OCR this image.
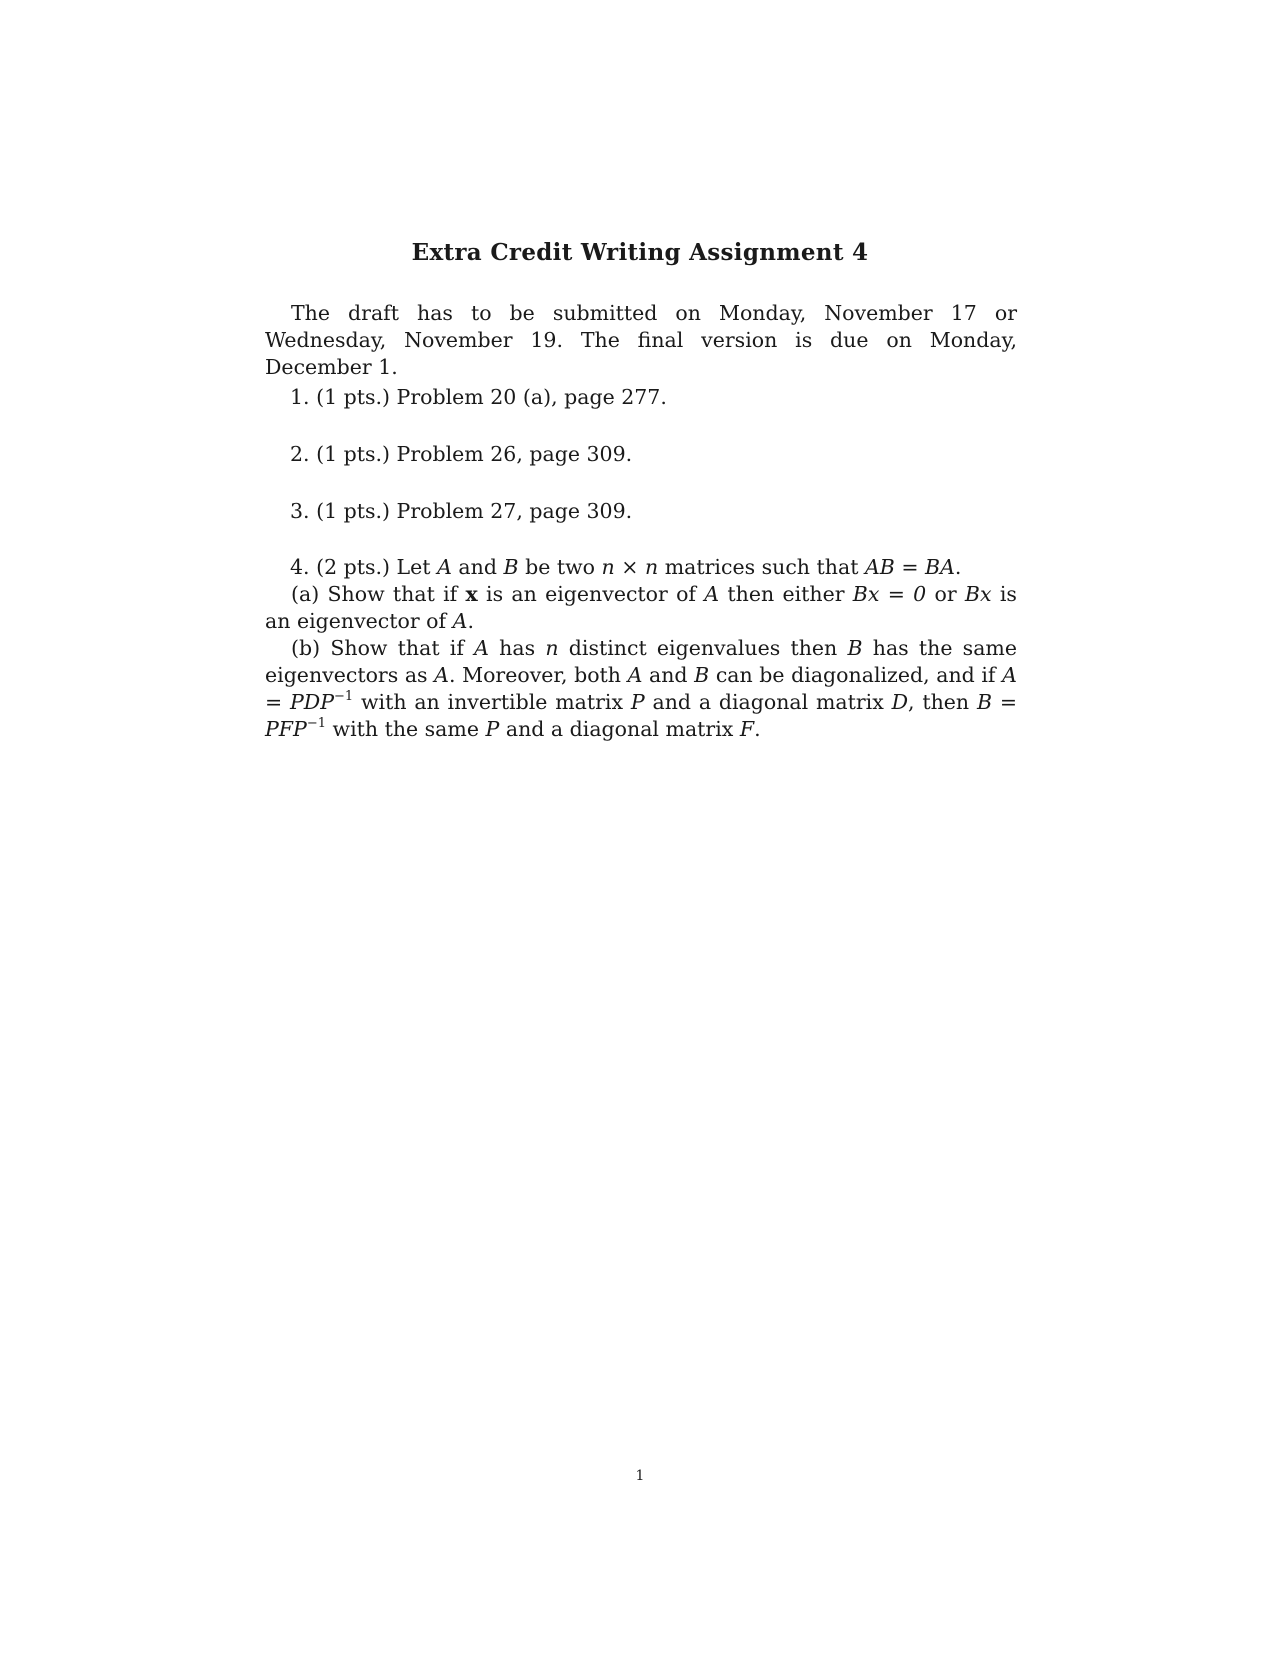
Extra Credit Writing Assignment 4
The draft has to be submitted on Monday, November 17 or Wednesday, November 19. The final version is due on Monday, December 1.
1. (1 pts.) Problem 20 (a), page 277.
2. (1 pts.) Problem 26, page 309.
3. (1 pts.) Problem 27, page 309.
4. (2 pts.) Let A and B be two n × n matrices such that AB = BA.
(a) Show that if x is an eigenvector of A then either Bx = 0 or Bx is an eigenvector of A.
(b) Show that if A has n distinct eigenvalues then B has the same eigenvectors as A. Moreover, both A and B can be diagonalized, and if $A = PDP^{-1}$ with an invertible matrix P and a diagonal matrix D, then $B = PFP^{-1}$ with the same P and a diagonal matrix F.
1
